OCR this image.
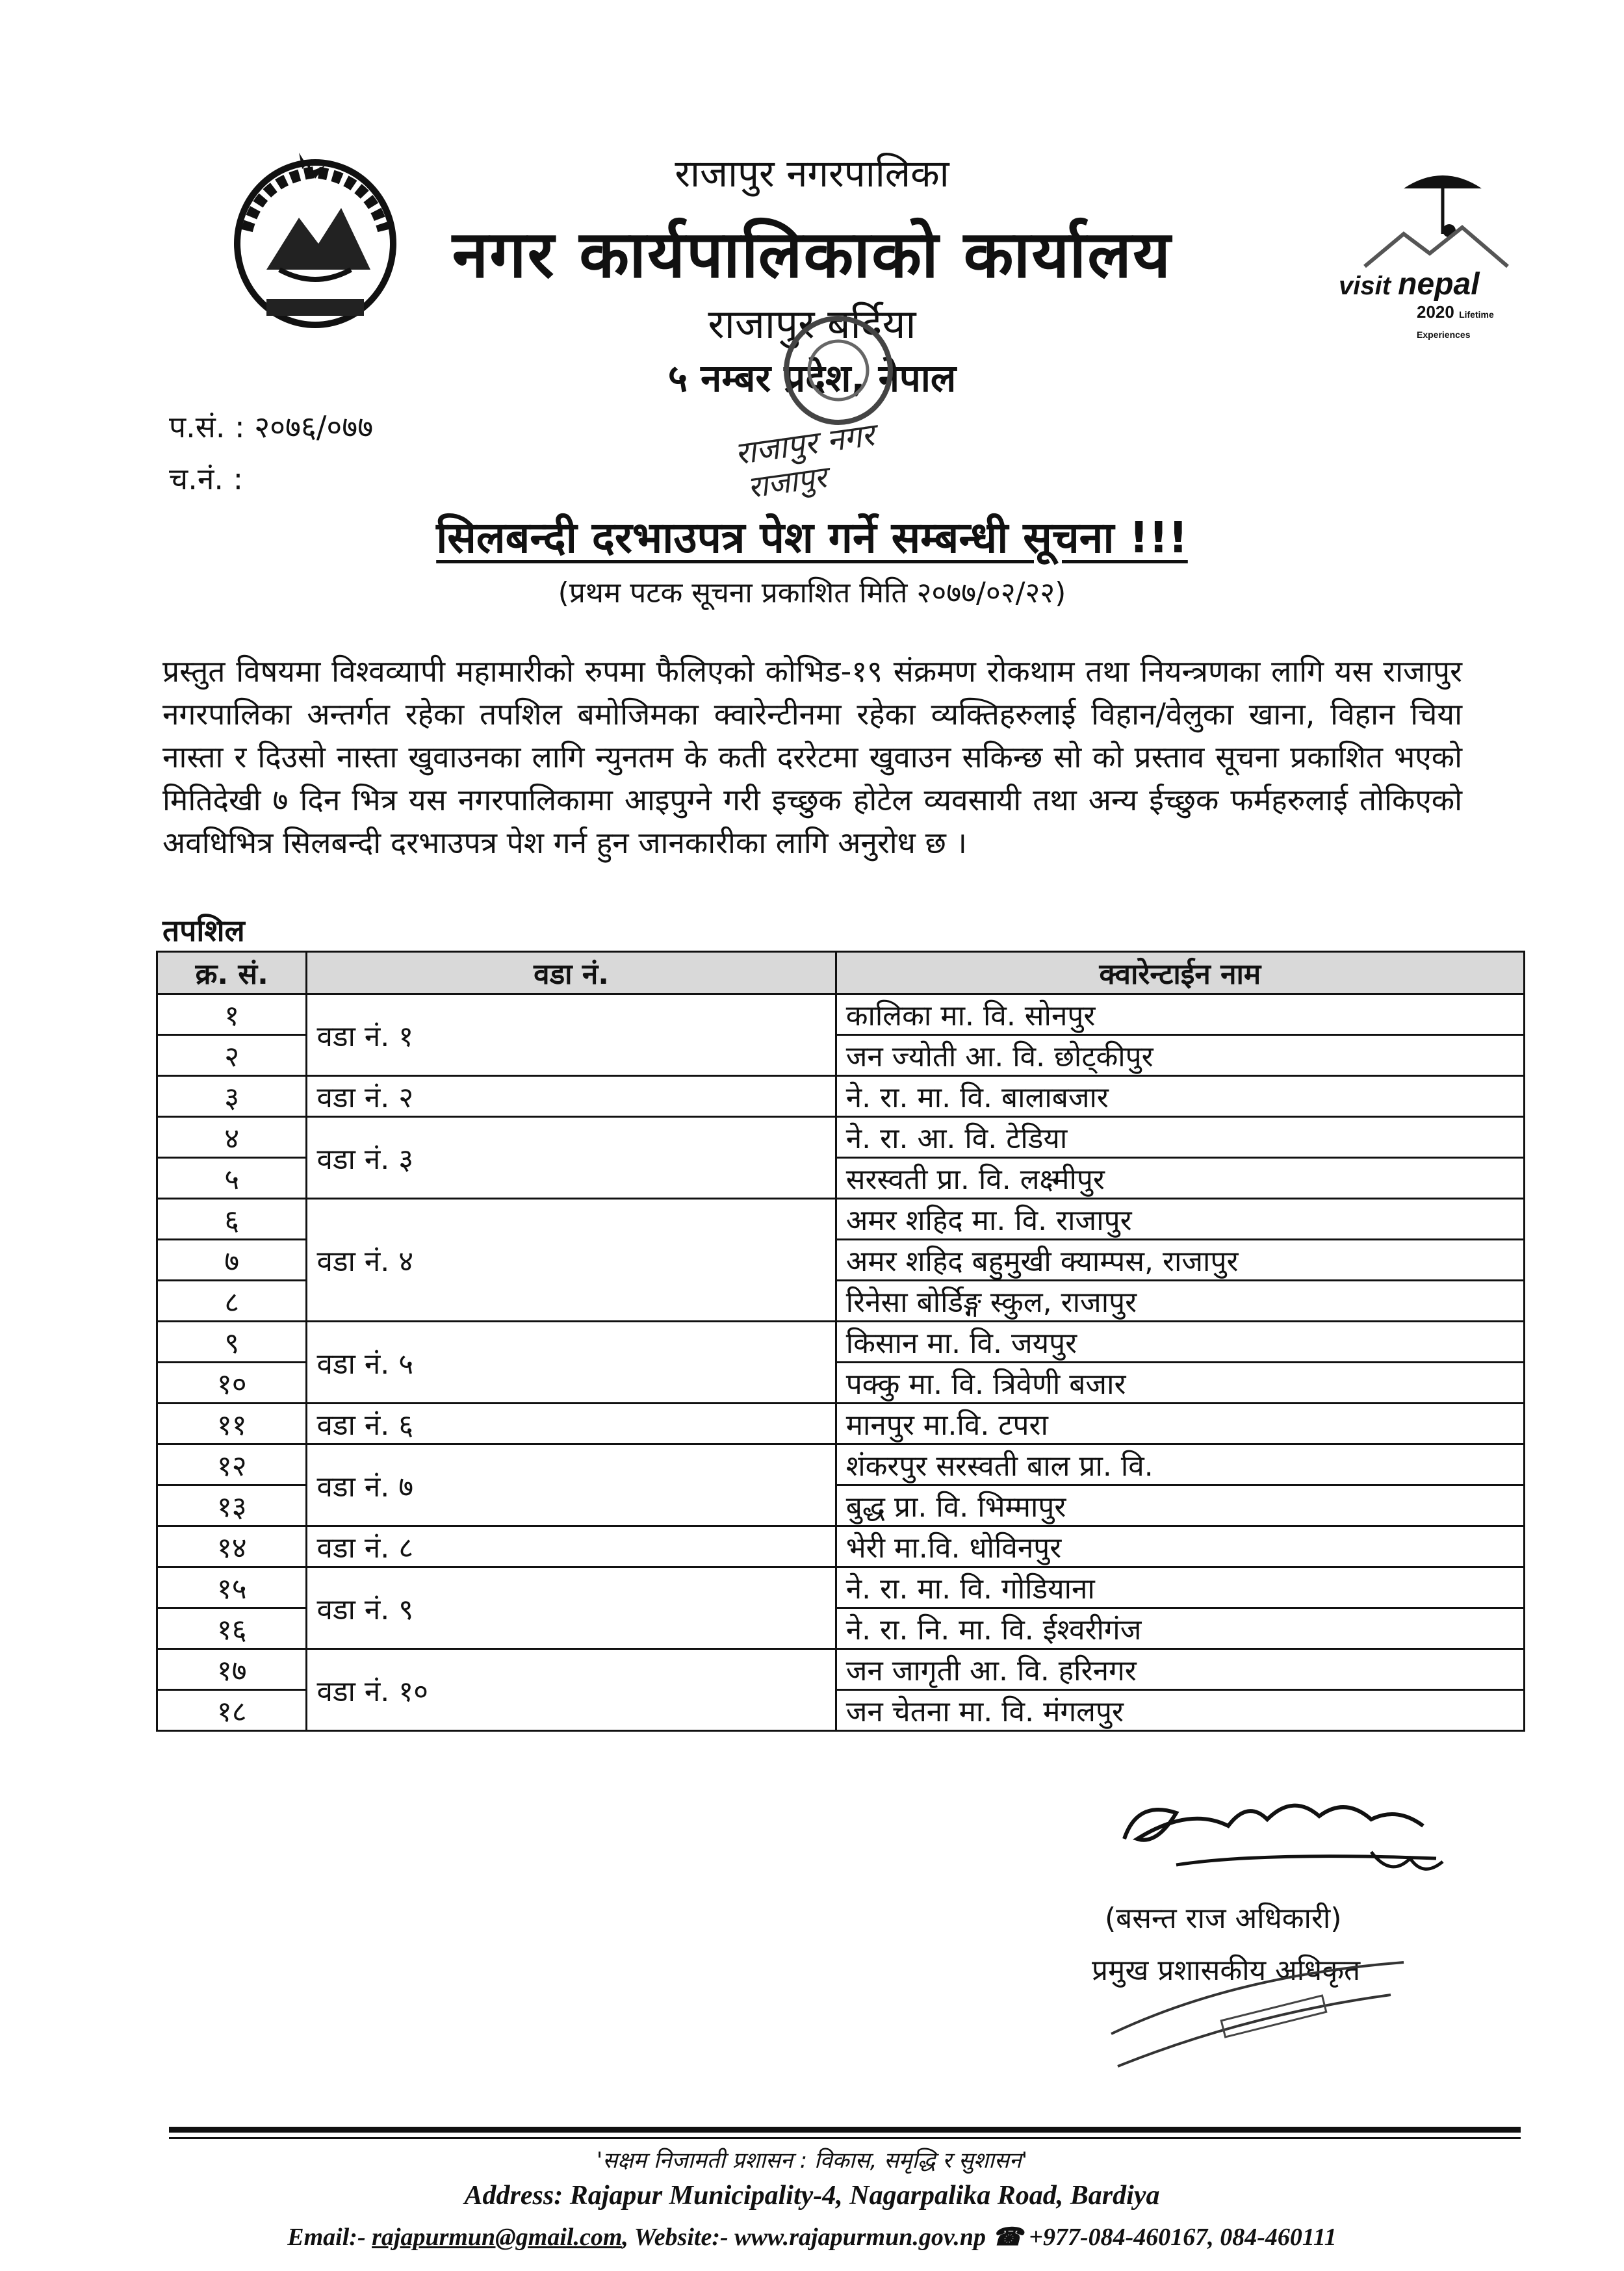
visit nepal
2020 Lifetime Experiences
राजापुर नगरपालिका
नगर कार्यपालिकाको कार्यालय
राजापुर बर्दिया
५ नम्बर प्रदेश, नेपाल
राजापुर नगर
राजापुर
प.सं. : २०७६/०७७
च.नं. :
सिलबन्दी दरभाउपत्र पेश गर्ने सम्बन्धी सूचना !!!
(प्रथम पटक सूचना प्रकाशित मिति २०७७/०२/२२)
प्रस्तुत विषयमा विश्वव्यापी महामारीको रुपमा फैलिएको कोभिड-१९ संक्रमण रोकथाम तथा नियन्त्रणका लागि यस राजापुर नगरपालिका अन्तर्गत रहेका तपशिल बमोजिमका क्वारेन्टीनमा रहेका व्यक्तिहरुलाई विहान/वेलुका खाना, विहान चिया नास्ता र दिउसो नास्ता खुवाउनका लागि न्युनतम के कती दररेटमा खुवाउन सकिन्छ सो को प्रस्ताव सूचना प्रकाशित भएको मितिदेखी ७ दिन भित्र यस नगरपालिकामा आइपुग्ने गरी इच्छुक होटेल व्यवसायी तथा अन्य ईच्छुक फर्महरुलाई तोकिएको अवधिभित्र सिलबन्दी दरभाउपत्र पेश गर्न हुन जानकारीका लागि अनुरोध छ ।
तपशिल
क्र. सं.	वडा नं.	क्वारेन्टाईन नाम
१	वडा नं. १	कालिका मा. वि. सोनपुर
२		जन ज्योती आ. वि. छोट्कीपुर
३	वडा नं. २	ने. रा. मा. वि. बालाबजार
४	वडा नं. ३	ने. रा. आ. वि. टेडिया
५		सरस्वती प्रा. वि. लक्ष्मीपुर
६	वडा नं. ४	अमर शहिद मा. वि. राजापुर
७		अमर शहिद बहुमुखी क्याम्पस, राजापुर
८		रिनेसा बोर्डिङ्ग स्कुल, राजापुर
९	वडा नं. ५	किसान मा. वि. जयपुर
१०		पक्कु मा. वि. त्रिवेणी बजार
११	वडा नं. ६	मानपुर मा.वि. टपरा
१२	वडा नं. ७	शंकरपुर सरस्वती बाल प्रा. वि.
१३		बुद्ध प्रा. वि. भिम्मापुर
१४	वडा नं. ८	भेरी मा.वि. धोविनपुर
१५	वडा नं. ९	ने. रा. मा. वि. गोडियाना
१६		ने. रा. नि. मा. वि. ईश्वरीगंज
१७	वडा नं. १०	जन जागृती आ. वि. हरिनगर
१८		जन चेतना मा. वि. मंगलपुर
(बसन्त राज अधिकारी)
प्रमुख प्रशासकीय अधिकृत
'सक्षम निजामती प्रशासन : विकास, समृद्धि र सुशासन'
Address: Rajapur Municipality-4, Nagarpalika Road, Bardiya
Email:- rajapurmun@gmail.com, Website:- www.rajapurmun.gov.np ☎ +977-084-460167, 084-460111
